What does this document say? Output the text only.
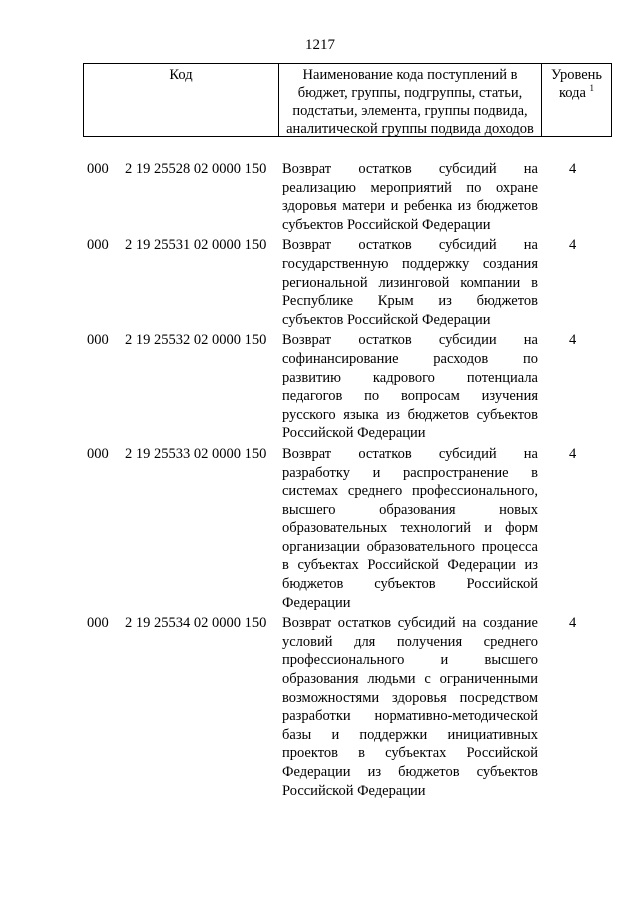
1217
Код	Наименование кода поступлений в бюджет, группы, подгруппы, статьи, подстатьи, элемента, группы подвида, аналитической группы подвида доходов
Уровень кода $^1$
000 2 19 25528 02 0000 150 Возврат остатков субсидий на реализацию мероприятий по охране здоровья матери и ребенка из бюджетов субъектов Российской Федерации
4
000 2 19 25531 02 0000 150 Возврат остатков субсидий на государственную поддержку создания региональной лизинговой компании в Республике Крым из бюджетов субъектов Российской Федерации
4
000 2 19 25532 02 0000 150 Возврат остатков субсидии на софинансирование расходов по развитию кадрового потенциала педагогов по вопросам изучения русского языка из бюджетов субъектов Российской Федерации
4
000 2 19 25533 02 0000 150 Возврат остатков субсидий на разработку и распространение в системах среднего профессионального, высшего образования новых образовательных технологий и форм организации образовательного процесса в субъектах Российской Федерации из бюджетов субъектов Российской Федерации
4
000 2 19 25534 02 0000 150 Возврат остатков субсидий на создание условий для получения среднего профессионального и высшего образования людьми с ограниченными возможностями здоровья посредством разработки нормативно-методической базы и поддержки инициативных проектов в субъектах Российской Федерации из бюджетов субъектов Российской Федерации
4
